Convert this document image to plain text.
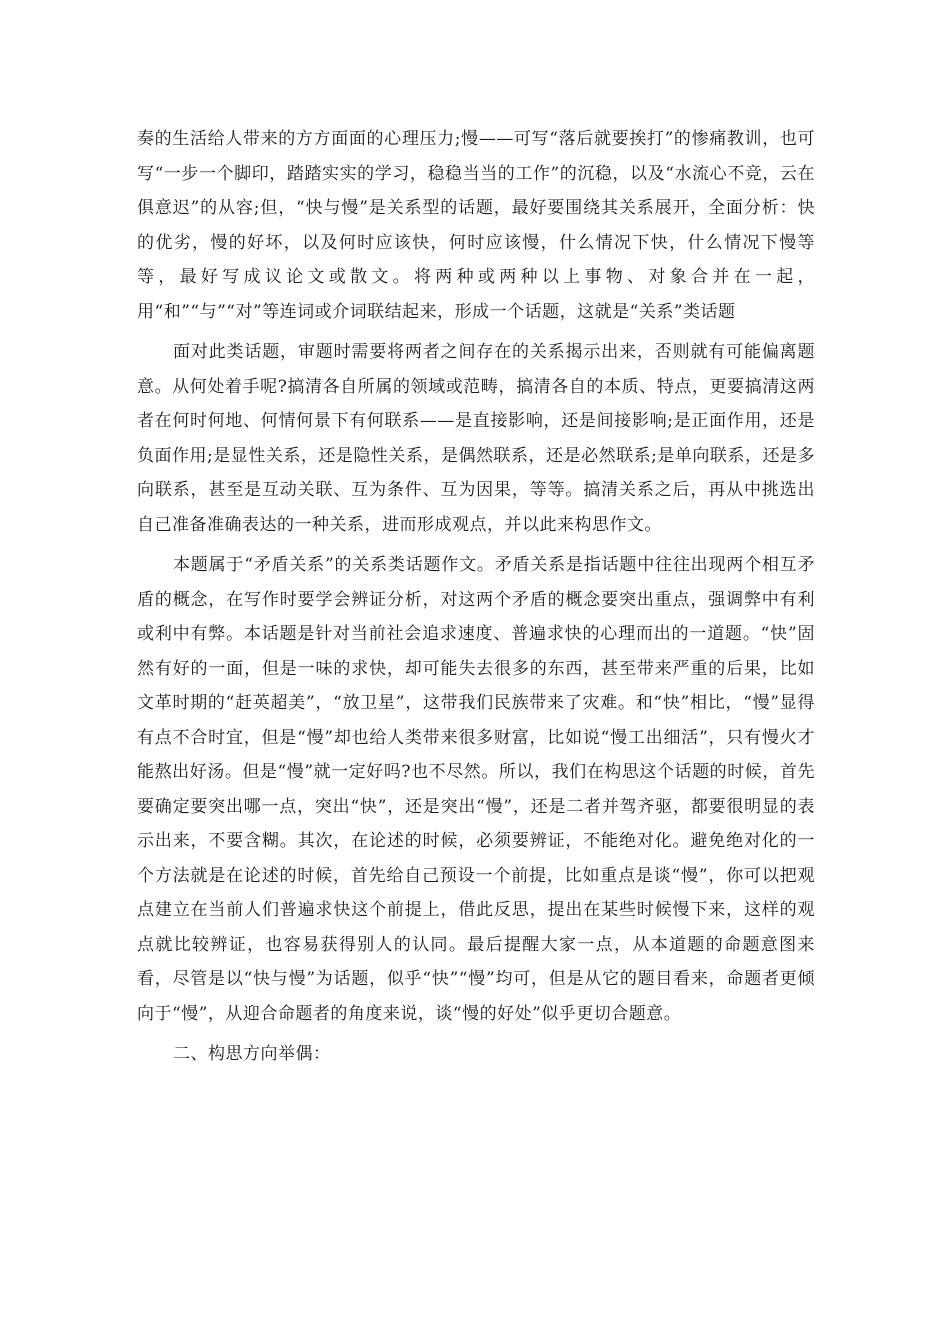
奏的生活给人带来的方方面面的心理压力;慢——可写“落后就要挨打”的惨痛教训，也可写“一步一个脚印，踏踏实实的学习，稳稳当当的工作”的沉稳，以及“水流心不竞，云在俱意迟”的从容;但，“快与慢”是关系型的话题，最好要围绕其关系展开，全面分析：快的优劣，慢的好坏，以及何时应该快，何时应该慢，什么情况下快，什么情况下慢等等，最好写成议论文或散文。将两种或两种以上事物、对象合并在一起，用“和”“与”“对”等连词或介词联结起来，形成一个话题，这就是“关系”类话题

面对此类话题，审题时需要将两者之间存在的关系揭示出来，否则就有可能偏离题意。从何处着手呢?搞清各自所属的领域或范畴，搞清各自的本质、特点，更要搞清这两者在何时何地、何情何景下有何联系——是直接影响，还是间接影响;是正面作用，还是负面作用;是显性关系，还是隐性关系，是偶然联系，还是必然联系;是单向联系，还是多向联系，甚至是互动关联、互为条件、互为因果，等等。搞清关系之后，再从中挑选出自己准备准确表达的一种关系，进而形成观点，并以此来构思作文。

本题属于“矛盾关系”的关系类话题作文。矛盾关系是指话题中往往出现两个相互矛盾的概念，在写作时要学会辨证分析，对这两个矛盾的概念要突出重点，强调弊中有利或利中有弊。本话题是针对当前社会追求速度、普遍求快的心理而出的一道题。“快”固然有好的一面，但是一味的求快，却可能失去很多的东西，甚至带来严重的后果，比如文革时期的“赶英超美”，“放卫星”，这带我们民族带来了灾难。和“快”相比，“慢”显得有点不合时宜，但是“慢”却也给人类带来很多财富，比如说“慢工出细活”，只有慢火才能熬出好汤。但是“慢”就一定好吗?也不尽然。所以，我们在构思这个话题的时候，首先要确定要突出哪一点，突出“快”，还是突出“慢”，还是二者并驾齐驱，都要很明显的表示出来，不要含糊。其次，在论述的时候，必须要辨证，不能绝对化。避免绝对化的一个方法就是在论述的时候，首先给自己预设一个前提，比如重点是谈“慢”，你可以把观点建立在当前人们普遍求快这个前提上，借此反思，提出在某些时候慢下来，这样的观点就比较辨证，也容易获得别人的认同。最后提醒大家一点，从本道题的命题意图来看，尽管是以“快与慢”为话题，似乎“快”“慢”均可，但是从它的题目看来，命题者更倾向于“慢”，从迎合命题者的角度来说，谈“慢的好处”似乎更切合题意。

二、构思方向举偶：
